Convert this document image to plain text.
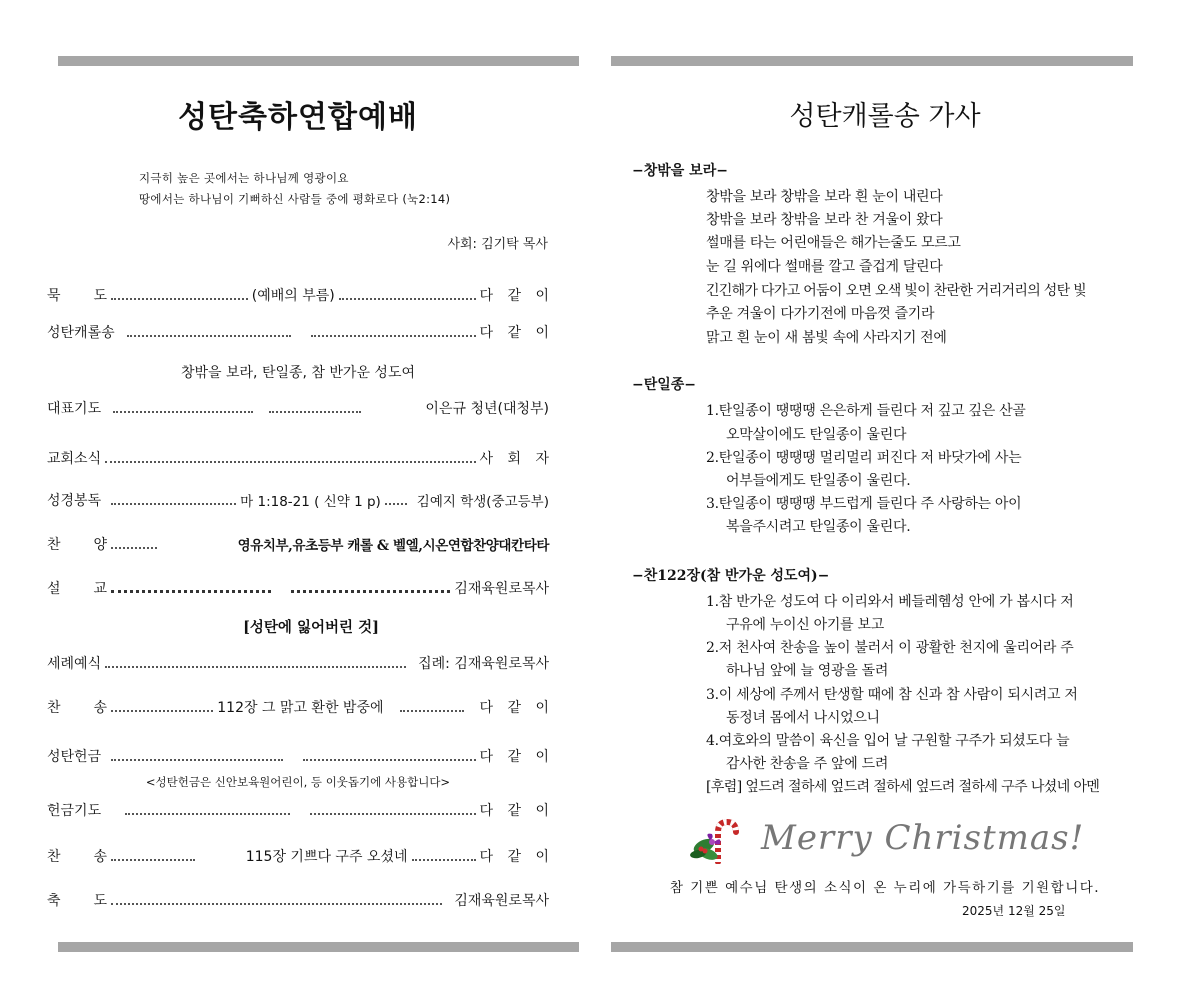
성탄축하연합예배
지극히 높은 곳에서는 하나님께 영광이요
땅에서는 하나님이 기뻐하신 사람들 중에 평화로다 (눅2:14)
사회: 김기탁 목사
묵 도	(예배의 부름)	다 같 이
성탄캐롤송	다 같 이
창밖을 보라, 탄일종, 참 반가운 성도여
대표기도	이은규 청년(대청부)
교회소식	사 회 자
성경봉독	마 1:18-21 ( 신약 1 p)	김예지 학생(중고등부)
찬 양	영유치부,유초등부 캐롤 & 벨엘,시온연합찬양대칸타타
설 교	김재육원로목사
[성탄에 잃어버린 것]
세례예식	집례: 김재육원로목사
찬 송	112장 그 맑고 환한 밤중에	다 같 이
성탄헌금	다 같 이
<성탄헌금은 신안보육원어린이, 등 이웃돕기에 사용합니다>
헌금기도	다 같 이
찬 송	115장 기쁘다 구주 오셨네	다 같 이
축 도	김재육원로목사
성탄캐롤송 가사
−창밖을 보라−
창밖을 보라 창밖을 보라 흰 눈이 내린다
창밖을 보라 창밖을 보라 찬 겨울이 왔다
썰매를 타는 어린애들은 해가는줄도 모르고
눈 길 위에다 썰매를 깔고 즐겁게 달린다
긴긴해가 다가고 어둠이 오면 오색 빛이 찬란한 거리거리의 성탄 빛
추운 겨울이 다가기전에 마음껏 즐기라
맑고 흰 눈이 새 봄빛 속에 사라지기 전에
−탄일종−
1.탄일종이 땡땡땡 은은하게 들린다 저 깊고 깊은 산골
오막살이에도 탄일종이 울린다
2.탄일종이 땡땡땡 멀리멀리 퍼진다 저 바닷가에 사는
어부들에게도 탄일종이 울린다.
3.탄일종이 땡땡땡 부드럽게 들린다 주 사랑하는 아이
복을주시려고 탄일종이 울린다.
−찬122장(참 반가운 성도여)−
1.참 반가운 성도여 다 이리와서 베들레헴성 안에 가 봅시다 저
구유에 누이신 아기를 보고
2.저 천사여 찬송을 높이 불러서 이 광활한 천지에 울리어라 주
하나님 앞에 늘 영광을 돌려
3.이 세상에 주께서 탄생할 때에 참 신과 참 사람이 되시려고 저
동정녀 몸에서 나시었으니
4.여호와의 말씀이 육신을 입어 날 구원할 구주가 되셨도다 늘
감사한 찬송을 주 앞에 드려
[후렴] 엎드려 절하세 엎드려 절하세 엎드려 절하세 구주 나셨네 아멘
Merry Christmas!
참 기쁜 예수님 탄생의 소식이 온 누리에 가득하기를 기원합니다.
2025년 12월 25일
